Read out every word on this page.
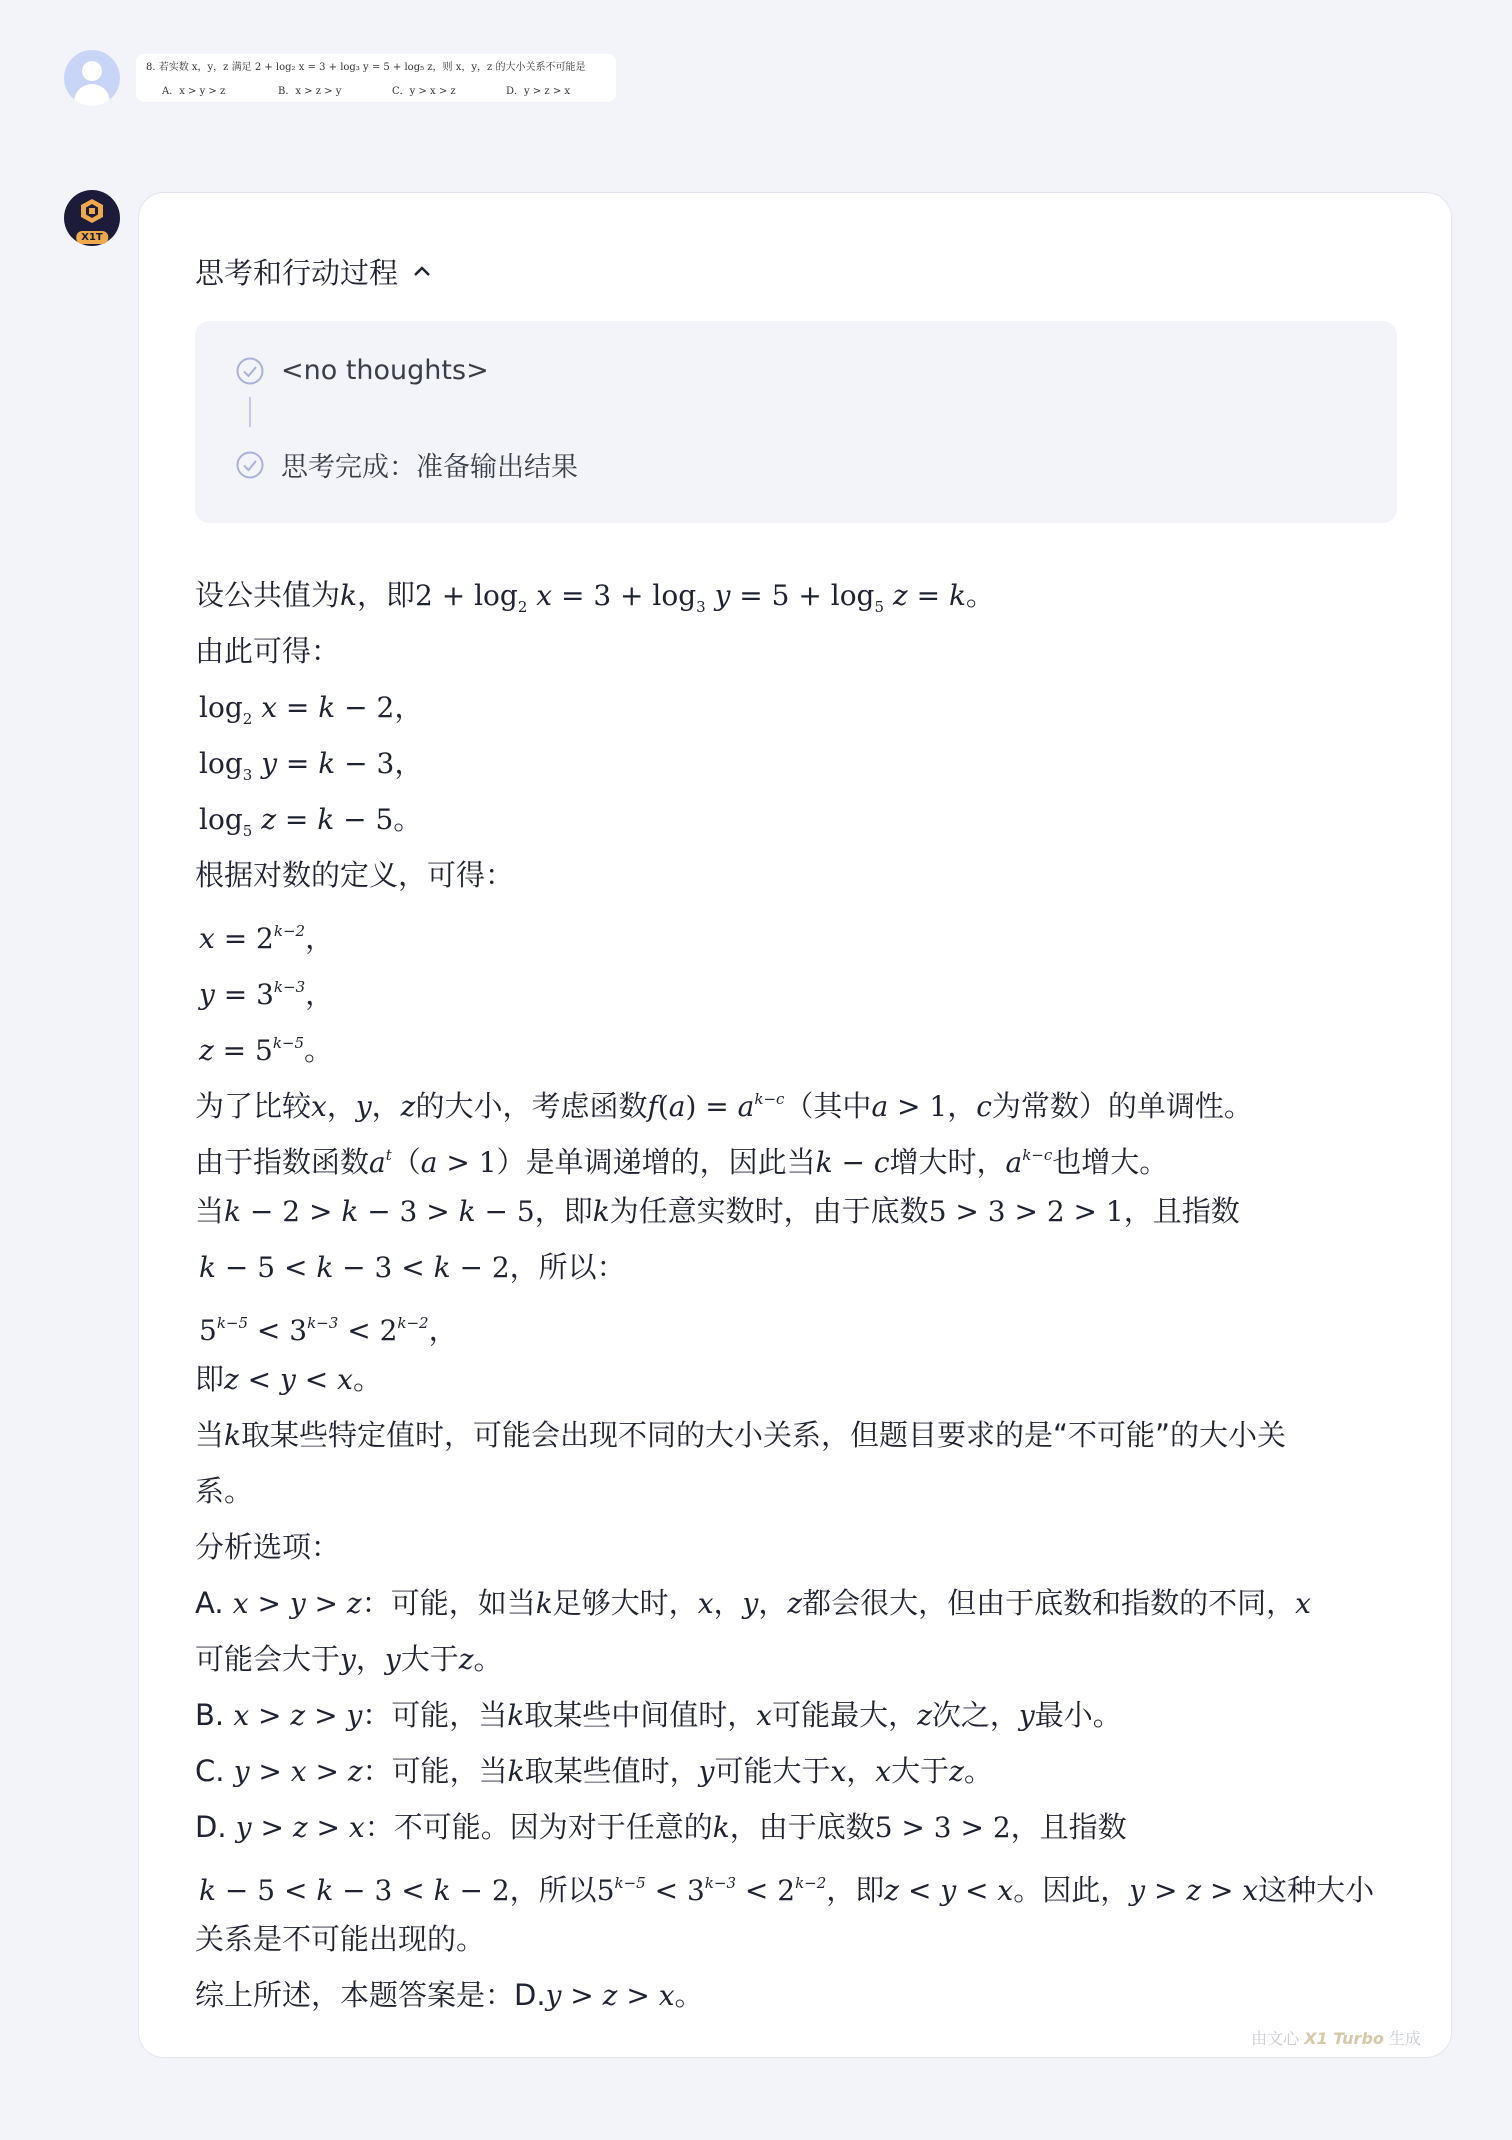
8. 若实数 x，y，z 满足 2 + log₂ x = 3 + log₃ y = 5 + log₅ z，则 x，y，z 的大小关系不可能是
A．x > y > z	B．x > z > y	C．y > x > z	D．y > z > x
X1T
思考和行动过程
<no thoughts>
思考完成：准备输出结果
设公共值为k，即$2 + \log_2 x = 3 + \log_3 y = 5 + \log_5 z = k$。
由此可得：
$\log_2 x = k - 2$，
$\log_3 y = k - 3$，
$\log_5 z = k - 5$。
根据对数的定义，可得：
$x = 2^{k-2}$，
$y = 3^{k-3}$，
$z = 5^{k-5}$。
为了比较x，y，z的大小，考虑函数$f(a) = a^{k-c}$（其中a > 1，c为常数）的单调性。
由于指数函数$a^t(a > 1)$是单调递增的，因此当k − c增大时，$a^{k-c}$也增大。
当k − 2 > k − 3 > k − 5，即k为任意实数时，由于底数5 > 3 > 2 > 1，且指数
k − 5 < k − 3 < k − 2，所以：
$5^{k-5} < 3^{k-3} < 2^{k-2}$，
即z < y < x。
当k取某些特定值时，可能会出现不同的大小关系，但题目要求的是“不可能”的大小关
系。
分析选项：
A. x > y > z：可能，如当k足够大时，x，y，z都会很大，但由于底数和指数的不同，x
可能会大于y，y大于z。
B. x > z > y：可能，当k取某些中间值时，x可能最大，z次之，y最小。
C. y > x > z：可能，当k取某些值时，y可能大于x，x大于z。
D. y > z > x：不可能。因为对于任意的k，由于底数5 > 3 > 2，且指数
k − 5 < k − 3 < k − 2，所以$5^{k-5} < 3^{k-3} < 2^{k-2}$，即z < y < x。因此，y > z > x这种大小
关系是不可能出现的。
综上所述，本题答案是：D.y > z > x。
由文心 X1 Turbo 生成
